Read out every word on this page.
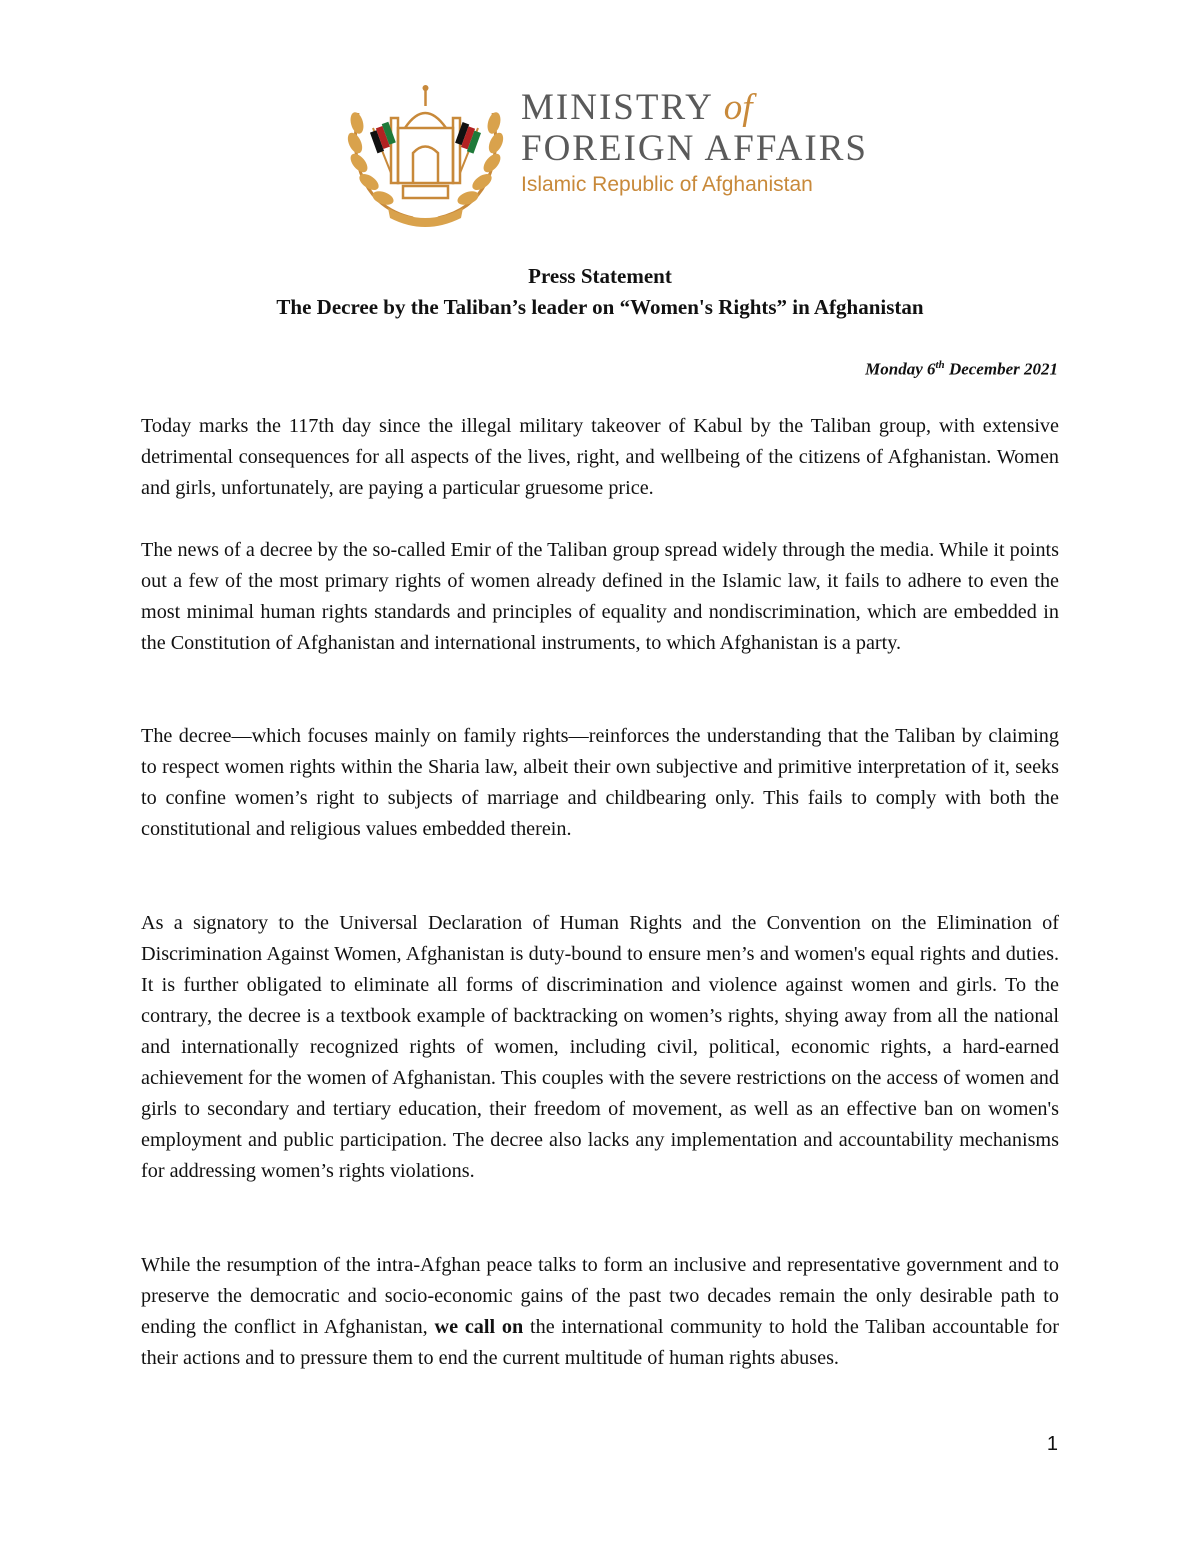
MINISTRY of
FOREIGN AFFAIRS
Islamic Republic of Afghanistan
Press Statement
The Decree by the Taliban’s leader on “Women's Rights” in Afghanistan
Monday 6th December 2021

Today marks the 117th day since the illegal military takeover of Kabul by the Taliban group, with extensive detrimental consequences for all aspects of the lives, right, and wellbeing of the citizens of Afghanistan. Women and girls, unfortunately, are paying a particular gruesome price.

The news of a decree by the so-called Emir of the Taliban group spread widely through the media. While it points out a few of the most primary rights of women already defined in the Islamic law, it fails to adhere to even the most minimal human rights standards and principles of equality and nondiscrimination, which are embedded in the Constitution of Afghanistan and international instruments, to which Afghanistan is a party.

The decree—which focuses mainly on family rights—reinforces the understanding that the Taliban by claiming to respect women rights within the Sharia law, albeit their own subjective and primitive interpretation of it, seeks to confine women’s right to subjects of marriage and childbearing only. This fails to comply with both the constitutional and religious values embedded therein.

As a signatory to the Universal Declaration of Human Rights and the Convention on the Elimination of Discrimination Against Women, Afghanistan is duty-bound to ensure men’s and women's equal rights and duties. It is further obligated to eliminate all forms of discrimination and violence against women and girls. To the contrary, the decree is a textbook example of backtracking on women’s rights, shying away from all the national and internationally recognized rights of women, including civil, political, economic rights, a hard-earned achievement for the women of Afghanistan. This couples with the severe restrictions on the access of women and girls to secondary and tertiary education, their freedom of movement, as well as an effective ban on women's employment and public participation. The decree also lacks any implementation and accountability mechanisms for addressing women’s rights violations.

While the resumption of the intra-Afghan peace talks to form an inclusive and representative government and to preserve the democratic and socio-economic gains of the past two decades remain the only desirable path to ending the conflict in Afghanistan, we call on the international community to hold the Taliban accountable for their actions and to pressure them to end the current multitude of human rights abuses.

1
